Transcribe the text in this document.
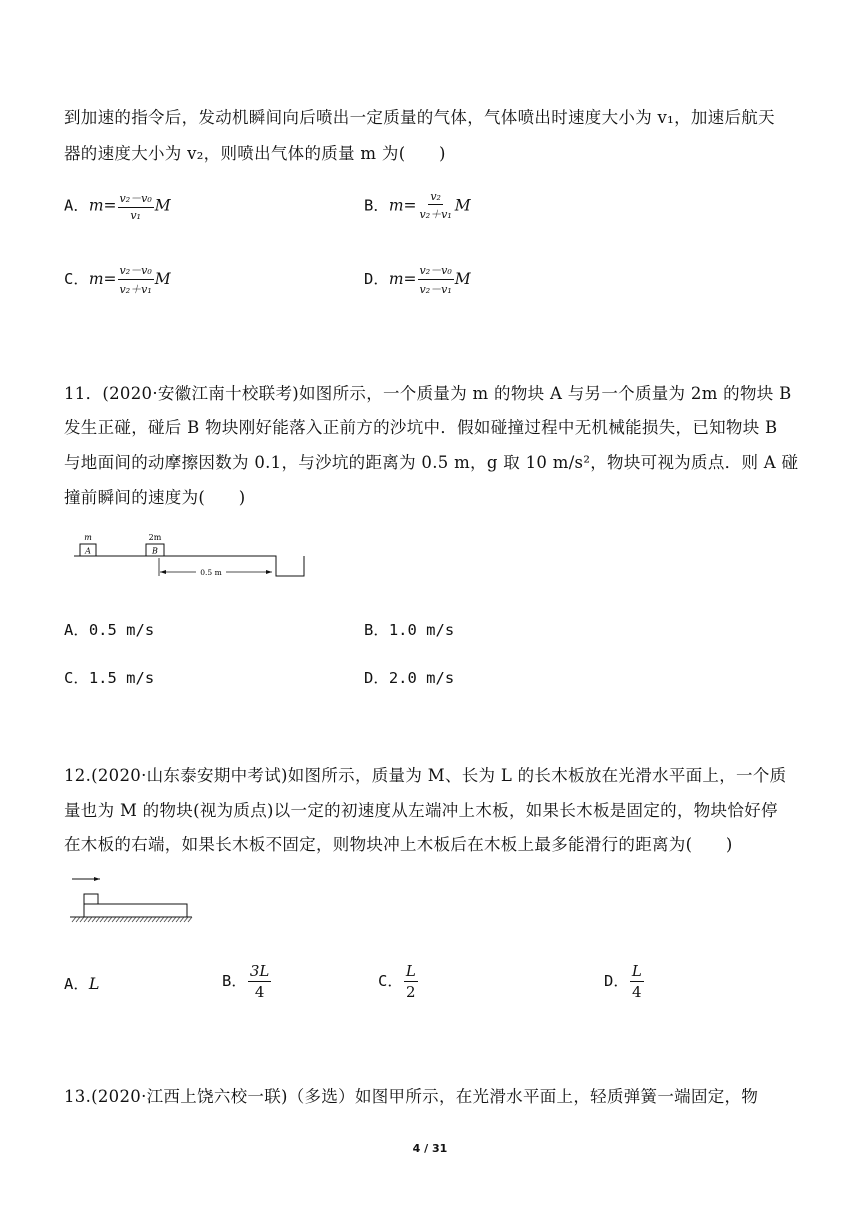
到加速的指令后，发动机瞬间向后喷出一定质量的气体，气体喷出时速度大小为 v₁，加速后航天
器的速度大小为 v₂，则喷出气体的质量 m 为(　　)
A．$m= \frac{\text{v₂－v₀}}{\text{v₁}}$ M	B．$m= \frac{\text{v₂}}{\text{v₂＋v₁}}$ M
C．$m= \frac{\text{v₂－v₀}}{\text{v₂＋v₁}}$ M	D．$m= \frac{\text{v₂－v₀}}{\text{v₂－v₁}}$ M
11．(2020·安徽江南十校联考)如图所示，一个质量为 m 的物块 A 与另一个质量为 2m 的物块 B
发生正碰，碰后 B 物块刚好能落入正前方的沙坑中．假如碰撞过程中无机械能损失，已知物块 B
与地面间的动摩擦因数为 0.1，与沙坑的距离为 0.5 m，g 取 10 m/s²，物块可视为质点．则 A 碰
撞前瞬间的速度为(　　)
m
A
2m
B
0.5 m
A．0.5 m/s	B．1.0 m/s
C．1.5 m/s	D．2.0 m/s
12.(2020·山东泰安期中考试)如图所示，质量为 M、长为 L 的长木板放在光滑水平面上，一个质
量也为 M 的物块(视为质点)以一定的初速度从左端冲上木板，如果长木板是固定的，物块恰好停
在木板的右端，如果长木板不固定，则物块冲上木板后在木板上最多能滑行的距离为(　　)
A．L	B． $\frac{3L}{4}$	C． $\frac{L}{2}$	D． $\frac{L}{4}$
13.(2020·江西上饶六校一联)（多选）如图甲所示，在光滑水平面上，轻质弹簧一端固定，物
4 / 31
